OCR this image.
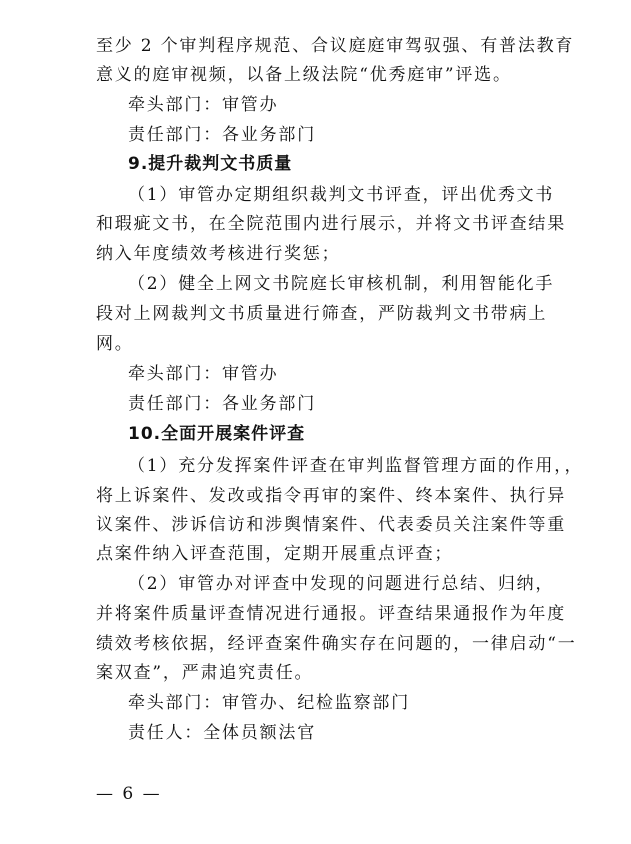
至少 2 个审判程序规范、合议庭庭审驾驭强、有普法教育
意义的庭审视频，以备上级法院“优秀庭审”评选。
牵头部门：审管办
责任部门：各业务部门
9.提升裁判文书质量
（1）审管办定期组织裁判文书评查，评出优秀文书
和瑕疵文书，在全院范围内进行展示，并将文书评查结果
纳入年度绩效考核进行奖惩；
（2）健全上网文书院庭长审核机制，利用智能化手
段对上网裁判文书质量进行筛查，严防裁判文书带病上
网。
牵头部门：审管办
责任部门：各业务部门
10.全面开展案件评查
（1）充分发挥案件评查在审判监督管理方面的作用，，
将上诉案件、发改或指令再审的案件、终本案件、执行异
议案件、涉诉信访和涉舆情案件、代表委员关注案件等重
点案件纳入评查范围，定期开展重点评查；
（2）审管办对评查中发现的问题进行总结、归纳，
并将案件质量评查情况进行通报。评查结果通报作为年度
绩效考核依据，经评查案件确实存在问题的，一律启动“一
案双查”，严肃追究责任。
牵头部门：审管办、纪检监察部门
责任人：全体员额法官
— 6 —
